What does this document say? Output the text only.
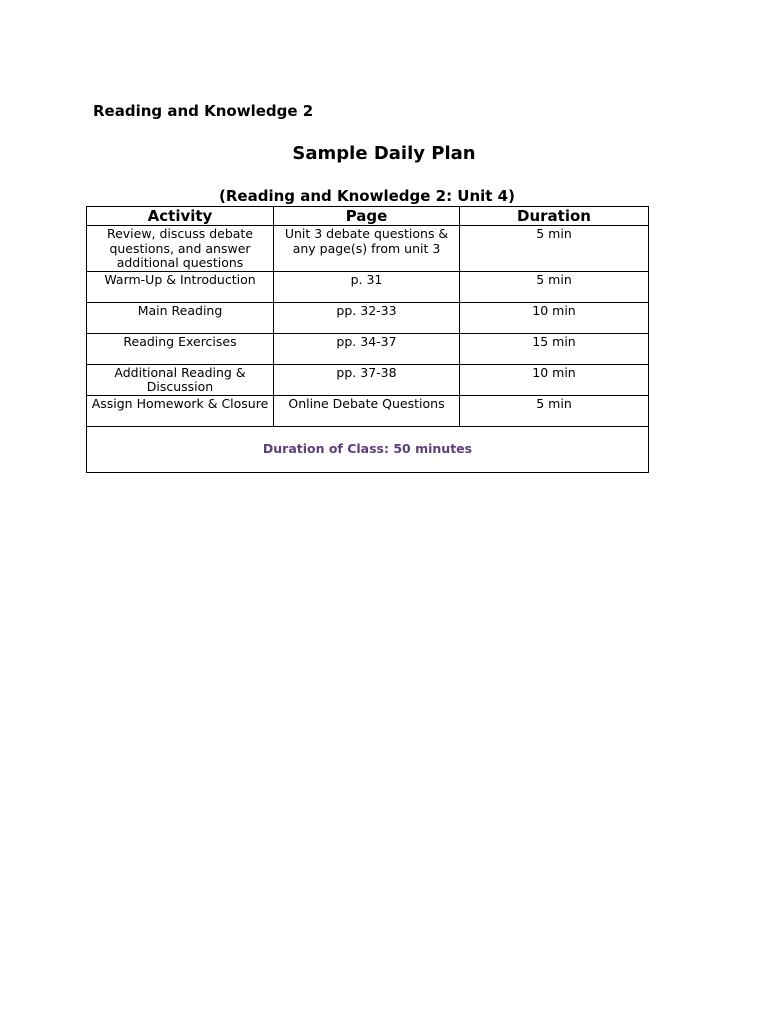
Reading and Knowledge 2
Sample Daily Plan
(Reading and Knowledge 2: Unit 4)
Activity	Page	Duration
Review, discuss debate questions, and answer additional questions	Unit 3 debate questions & any page(s) from unit 3	5 min
Warm-Up & Introduction	p. 31	5 min
Main Reading	pp. 32-33	10 min
Reading Exercises	pp. 34-37	15 min
Additional Reading & Discussion	pp. 37-38	10 min
Assign Homework & Closure	Online Debate Questions	5 min
Duration of Class: 50 minutes		
